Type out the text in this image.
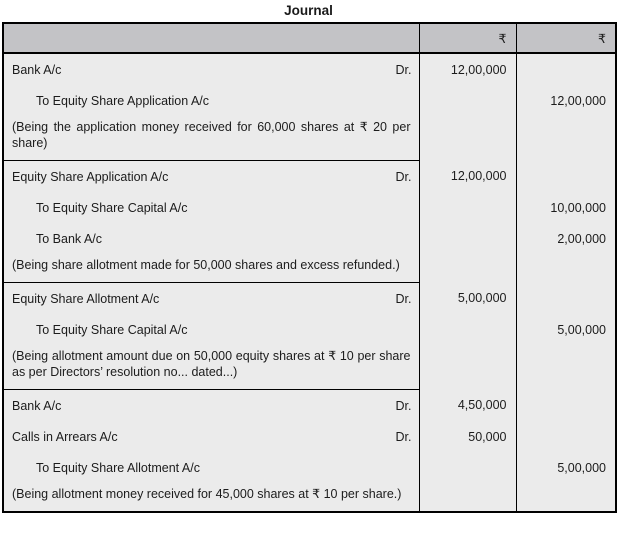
Journal
	₹	₹

Bank A/c Dr.	12,00,000	
To Equity Share Application A/c		12,00,000
(Being the application money received for 60,000 shares at ₹ 20 per share)		

Equity Share Application A/c Dr.	12,00,000	
To Equity Share Capital A/c		10,00,000
To Bank A/c		2,00,000
(Being share allotment made for 50,000 shares and excess refunded.)		

Equity Share Allotment A/c Dr.	5,00,000	
To Equity Share Capital A/c		5,00,000
(Being allotment amount due on 50,000 equity shares at ₹ 10 per share as per Directors’ resolution no... dated...)		

Bank A/c Dr.	4,50,000	

Calls in Arrears A/c Dr.	50,000	
To Equity Share Allotment A/c		5,00,000
(Being allotment money received for 45,000 shares at ₹ 10 per share.)		
